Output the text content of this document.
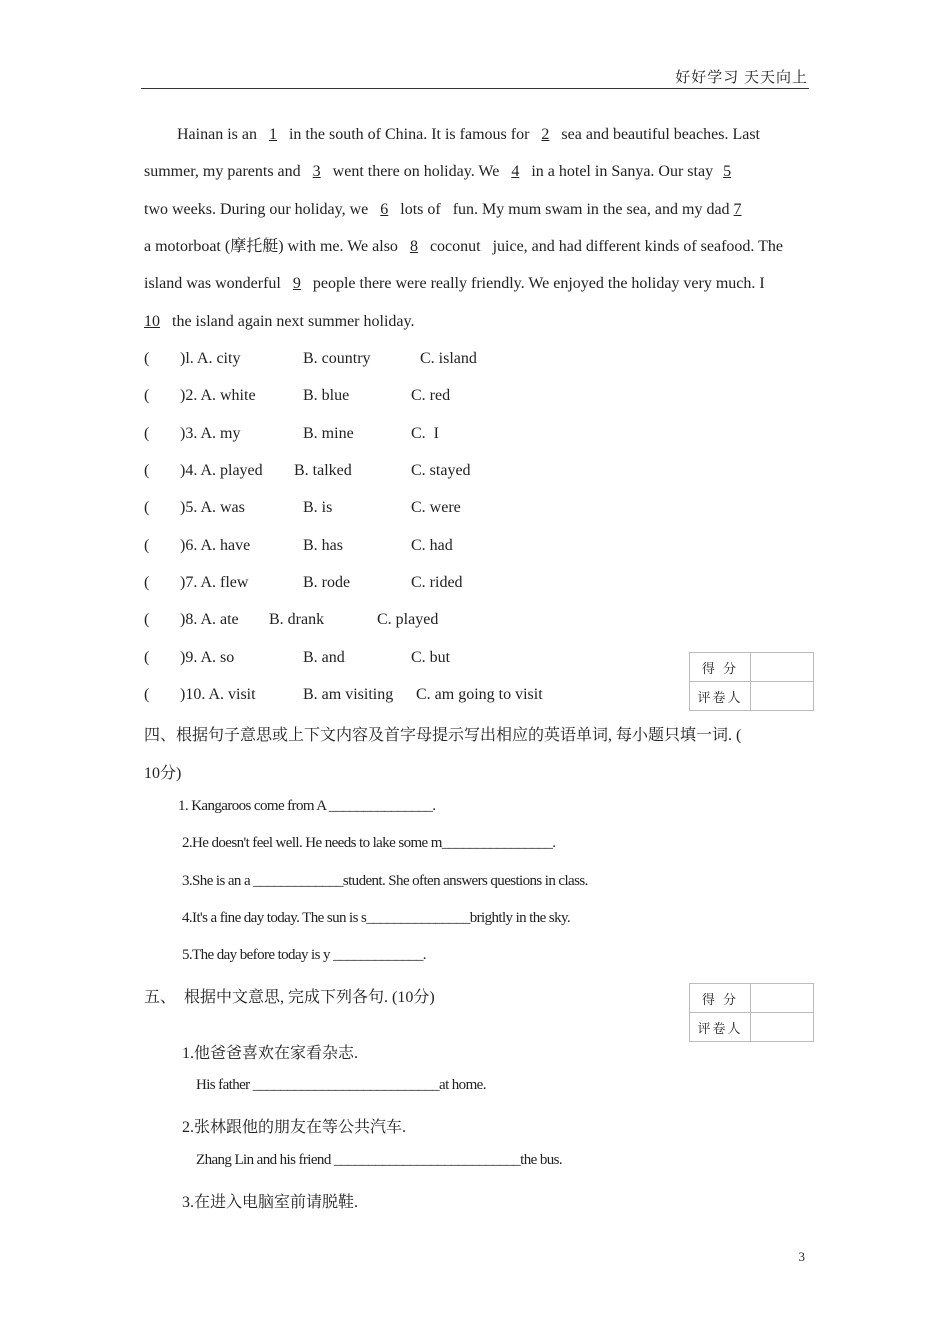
好好学习 天天向上
Hainan is an 1 in the south of China. It is famous for 2 sea and beautiful beaches. Last
summer, my parents and 3 went there on holiday. We 4 in a hotel in Sanya. Our stay 5
two weeks. During our holiday, we 6 lots of   fun. My mum swam in the sea, and my dad 7
a motorboat (摩托艇) with me. We also 8 coconut   juice, and had different kinds of seafood. The
island was wonderful 9 people there were really friendly. We enjoyed the holiday very much. I
10 the island again next summer holiday.
( )l. A. city	B. country	C. island
( )2. A. white	B. blue	C. red
( )3. A. my	B. mine	C.  I
( )4. A. played B. talked	C. stayed
( )5. A. was	B. is	C. were
( )6. A. have	B. has	C. had
( )7. A. flew	B. rode	C. rided
( )8. A. ate B. drank	C. played
( )9. A. so	B. and	C. but
( )10. A. visit	B. am visiting C. am going to visit
得 分	
评卷人	
四、根据句子意思或上下文内容及首字母提示写出相应的英语单词, 每小题只填一词. (
10分)
1. Kangaroos come from A _______________.
2.He doesn't feel well. He needs to lake some m________________.
3.She is an a _____________student. She often answers questions in class.
4.It's a fine day today. The sun is s_______________brightly in the sky.
5.The day before today is y _____________.
五、  根据中文意思, 完成下列各句. (10分)	得 分	
评卷人	
1.他爸爸喜欢在家看杂志.
His father ___________________________at home.
2.张林跟他的朋友在等公共汽车.
Zhang Lin and his friend ___________________________the bus.
3.在进入电脑室前请脱鞋.
3
